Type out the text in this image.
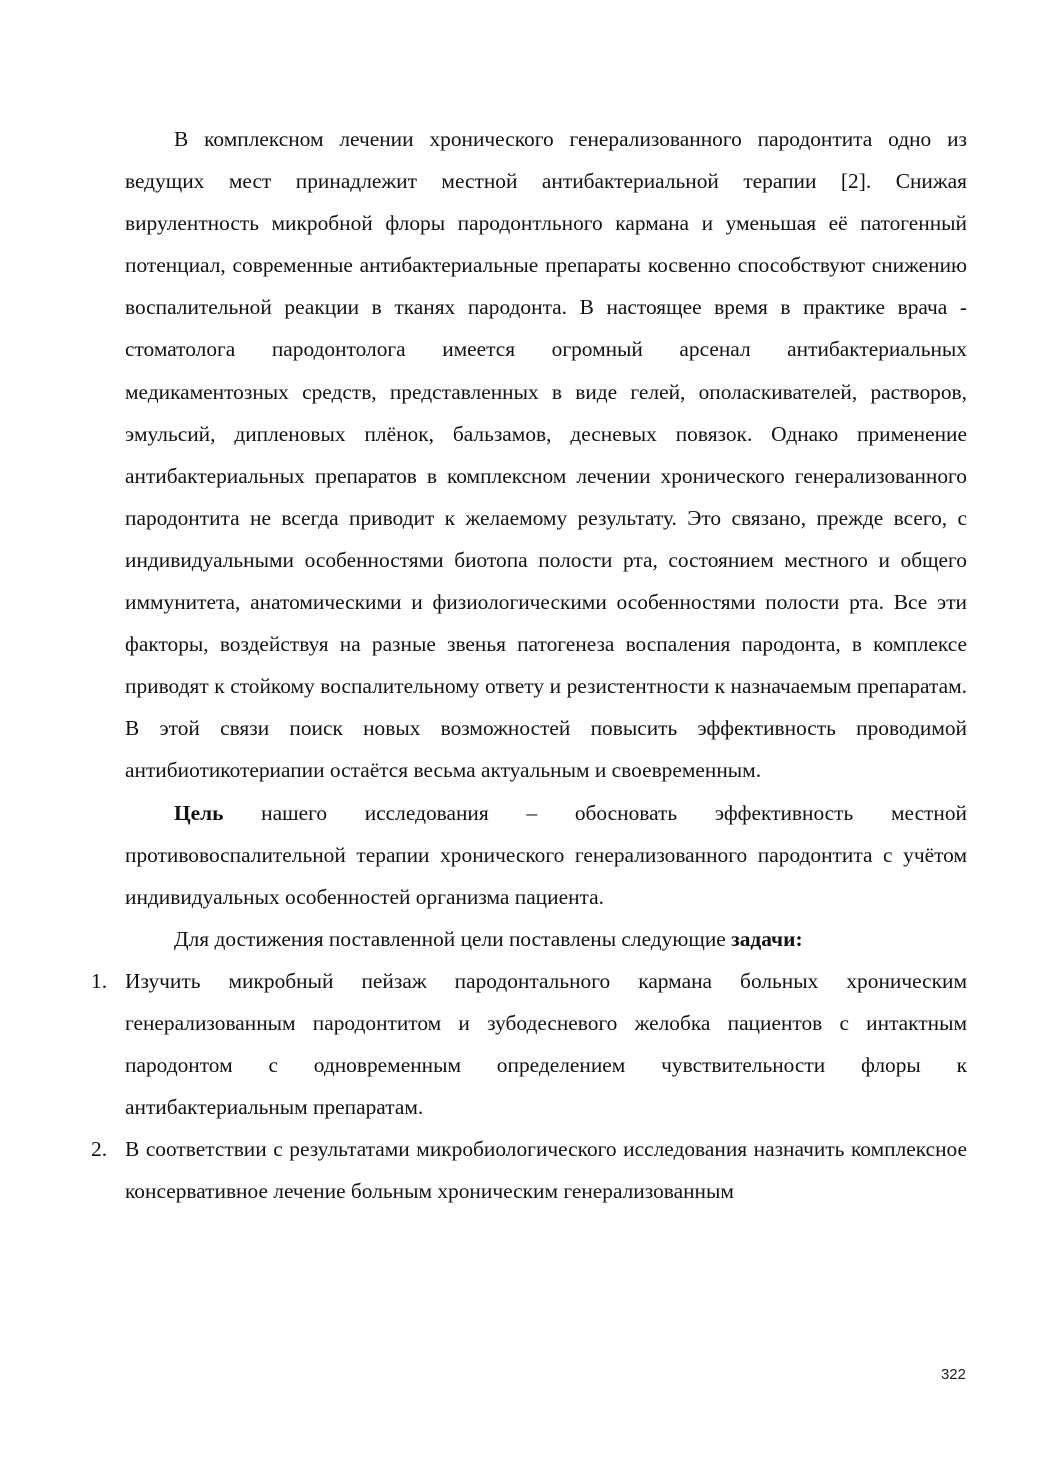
В комплексном лечении хронического генерализованного пародонтита одно из ведущих мест принадлежит местной антибактериальной терапии [2]. Снижая вирулентность микробной флоры пародонтльного кармана и уменьшая её патогенный потенциал, современные антибактериальные препараты косвенно способствуют снижению воспалительной реакции в тканях пародонта. В настоящее время в практике врача - стоматолога пародонтолога имеется огромный арсенал антибактериальных медикаментозных средств, представленных в виде гелей, ополаскивателей, растворов, эмульсий, дипленовых плёнок, бальзамов, десневых повязок. Однако применение антибактериальных препаратов в комплексном лечении хронического генерализованного пародонтита не всегда приводит к желаемому результату. Это связано, прежде всего, с индивидуальными особенностями биотопа полости рта, состоянием местного и общего иммунитета, анатомическими и физиологическими особенностями полости рта. Все эти факторы, воздействуя на разные звенья патогенеза воспаления пародонта, в комплексе приводят к стойкому воспалительному ответу и резистентности к назначаемым препаратам. В этой связи поиск новых возможностей повысить эффективность проводимой антибиотикотериапии остаётся весьма актуальным и своевременным.

Цель нашего исследования – обосновать эффективность местной противовоспалительной терапии хронического генерализованного пародонтита с учётом индивидуальных особенностей организма пациента.

Для достижения поставленной цели поставлены следующие задачи:

1. Изучить микробный пейзаж пародонтального кармана больных хроническим генерализованным пародонтитом и зубодесневого желобка пациентов с интактным пародонтом с одновременным определением чувствительности флоры к антибактериальным препаратам.
2. В соответствии с результатами микробиологического исследования назначить комплексное консервативное лечение больным хроническим генерализованным
322
